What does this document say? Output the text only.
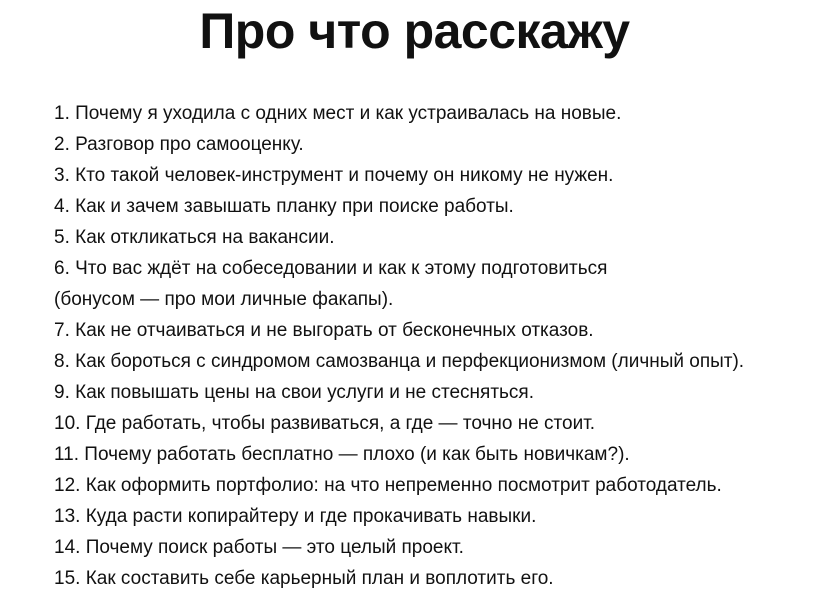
Про что расскажу
1. Почему я уходила с одних мест и как устраивалась на новые.
2. Разговор про самооценку.
3. Кто такой человек-инструмент и почему он никому не нужен.
4. Как и зачем завышать планку при поиске работы.
5. Как откликаться на вакансии.
6. Что вас ждёт на собеседовании и как к этому подготовиться
(бонусом — про мои личные факапы).
7. Как не отчаиваться и не выгорать от бесконечных отказов.
8. Как бороться с синдромом самозванца и перфекционизмом (личный опыт).
9. Как повышать цены на свои услуги и не стесняться.
10. Где работать, чтобы развиваться, а где — точно не стоит.
11. Почему работать бесплатно — плохо (и как быть новичкам?).
12. Как оформить портфолио: на что непременно посмотрит работодатель.
13. Куда расти копирайтеру и где прокачивать навыки.
14. Почему поиск работы — это целый проект.
15. Как составить себе карьерный план и воплотить его.
